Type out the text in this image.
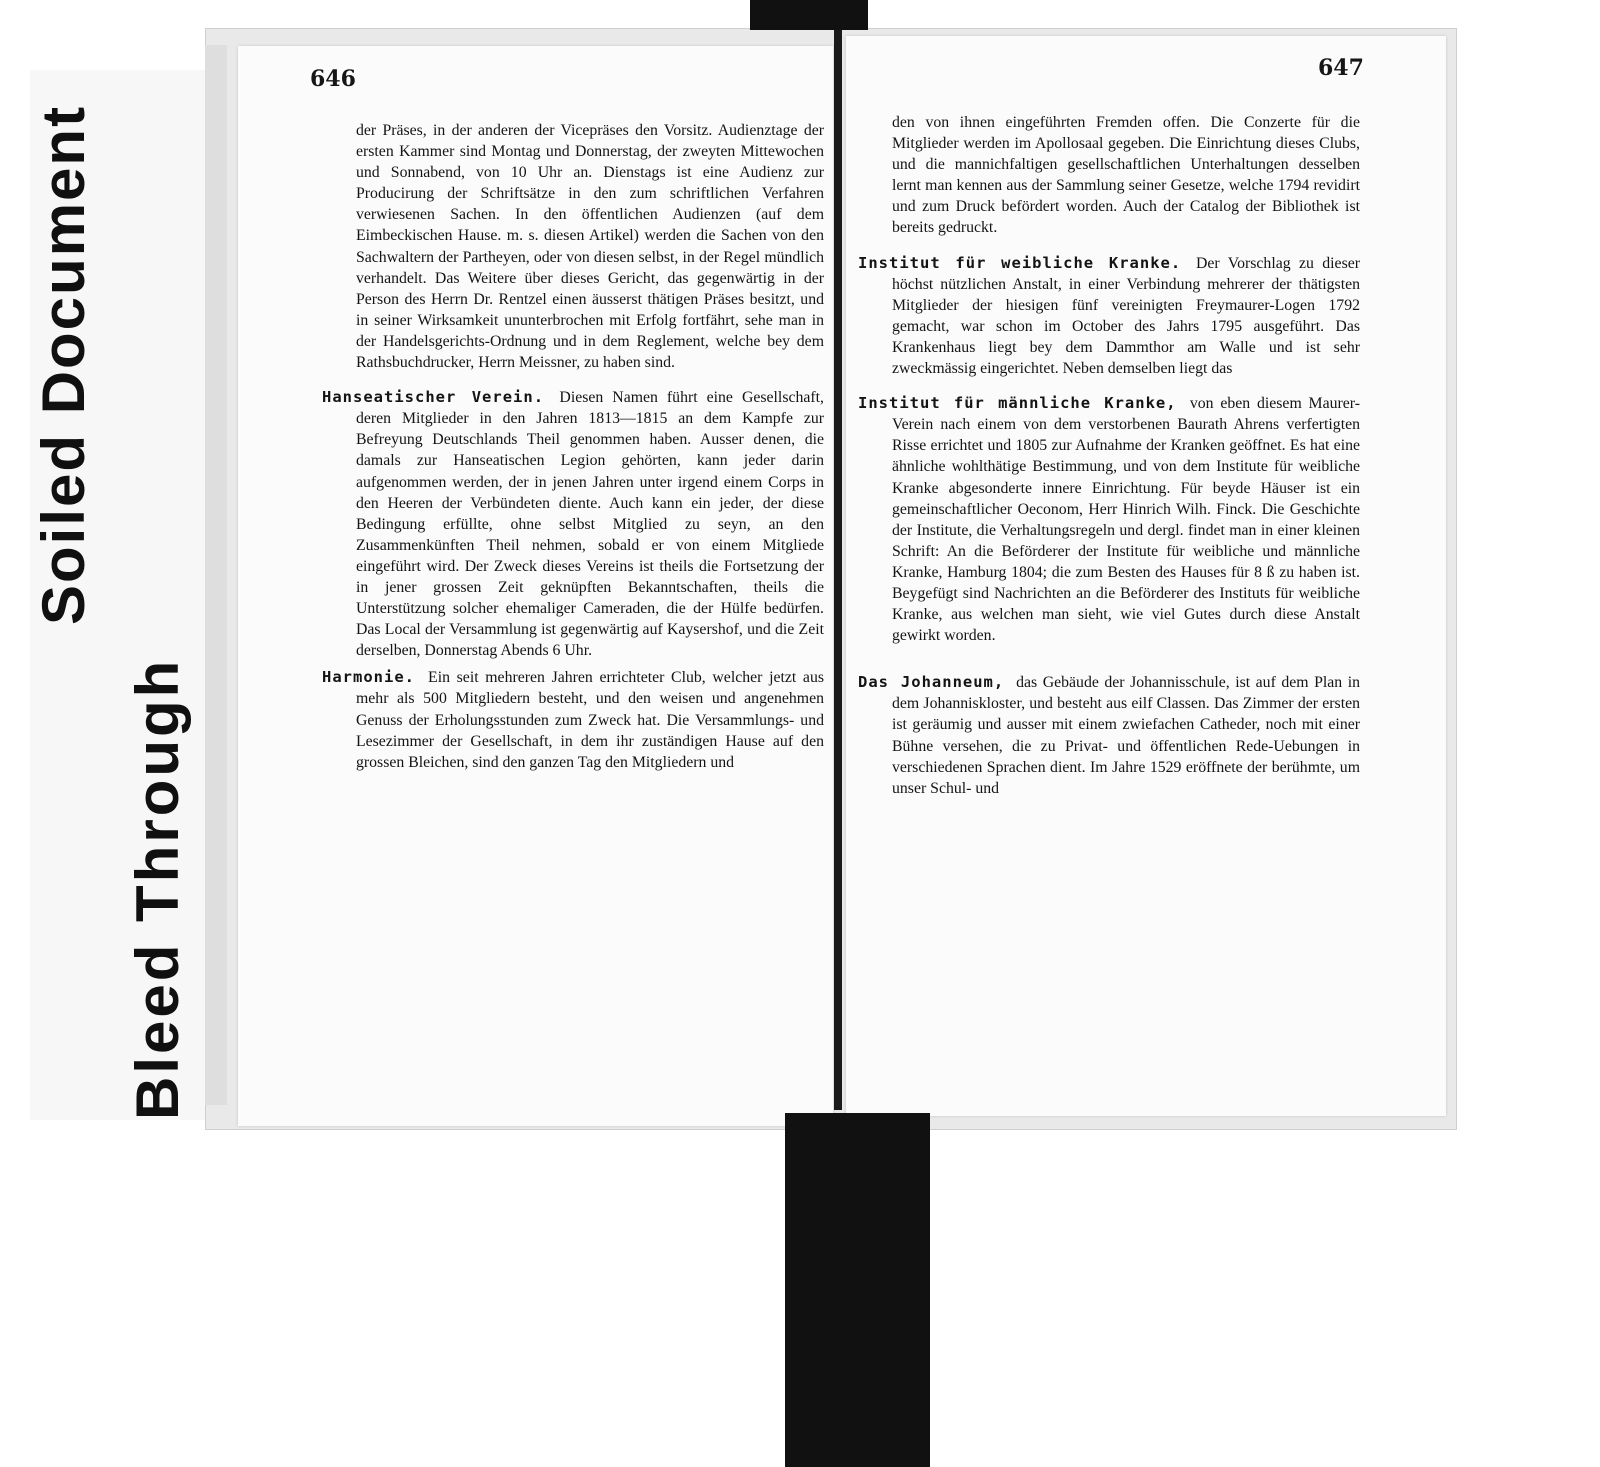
Bleed Through
Soiled Document
646	647

der Präses, in der anderen der Vicepräses den Vorsitz. Audienztage der ersten Kammer sind Montag und Donnerstag, der zweyten Mittewochen und Sonnabend, von 10 Uhr an. Dienstags ist eine Audienz zur Producirung der Schriftsätze in den zum schriftlichen Verfahren verwiesenen Sachen. In den öffentlichen Audienzen (auf dem Eimbeckischen Hause. m. s. diesen Artikel) werden die Sachen von den Sachwaltern der Partheyen, oder von diesen selbst, in der Regel mündlich verhandelt. Das Weitere über dieses Gericht, das gegenwärtig in der Person des Herrn Dr. Rentzel einen äusserst thätigen Präses besitzt, und in seiner Wirksamkeit ununterbrochen mit Erfolg fortfährt, sehe man in der Handelsgerichts-Ordnung und in dem Reglement, welche bey dem Rathsbuchdrucker, Herrn Meissner, zu haben sind.

Hanseatischer Verein. Diesen Namen führt eine Gesellschaft, deren Mitglieder in den Jahren 1813—1815 an dem Kampfe zur Befreyung Deutschlands Theil genommen haben. Ausser denen, die damals zur Hanseatischen Legion gehörten, kann jeder darin aufgenommen werden, der in jenen Jahren unter irgend einem Corps in den Heeren der Verbündeten diente. Auch kann ein jeder, der diese Bedingung erfüllte, ohne selbst Mitglied zu seyn, an den Zusammenkünften Theil nehmen, sobald er von einem Mitgliede eingeführt wird. Der Zweck dieses Vereins ist theils die Fortsetzung der in jener grossen Zeit geknüpften Bekanntschaften, theils die Unterstützung solcher ehemaliger Cameraden, die der Hülfe bedürfen. Das Local der Versammlung ist gegenwärtig auf Kaysershof, und die Zeit derselben, Donnerstag Abends 6 Uhr.

Harmonie. Ein seit mehreren Jahren errichteter Club, welcher jetzt aus mehr als 500 Mitgliedern besteht, und den weisen und angenehmen Genuss der Erholungsstunden zum Zweck hat. Die Versammlungs- und Lesezimmer der Gesellschaft, in dem ihr zuständigen Hause auf den grossen Bleichen, sind den ganzen Tag den Mitgliedern und

den von ihnen eingeführten Fremden offen. Die Conzerte für die Mitglieder werden im Apollosaal gegeben. Die Einrichtung dieses Clubs, und die mannichfaltigen gesellschaftlichen Unterhaltungen desselben lernt man kennen aus der Sammlung seiner Gesetze, welche 1794 revidirt und zum Druck befördert worden. Auch der Catalog der Bibliothek ist bereits gedruckt.

Institut für weibliche Kranke. Der Vorschlag zu dieser höchst nützlichen Anstalt, in einer Verbindung mehrerer der thätigsten Mitglieder der hiesigen fünf vereinigten Freymaurer-Logen 1792 gemacht, war schon im October des Jahrs 1795 ausgeführt. Das Krankenhaus liegt bey dem Dammthor am Walle und ist sehr zweckmässig eingerichtet. Neben demselben liegt das

Institut für männliche Kranke, von eben diesem Maurer-Verein nach einem von dem verstorbenen Baurath Ahrens verfertigten Risse errichtet und 1805 zur Aufnahme der Kranken geöffnet. Es hat eine ähnliche wohlthätige Bestimmung, und von dem Institute für weibliche Kranke abgesonderte innere Einrichtung. Für beyde Häuser ist ein gemeinschaftlicher Oeconom, Herr Hinrich Wilh. Finck. Die Geschichte der Institute, die Verhaltungsregeln und dergl. findet man in einer kleinen Schrift: An die Beförderer der Institute für weibliche und männliche Kranke, Hamburg 1804; die zum Besten des Hauses für 8 ß zu haben ist. Beygefügt sind Nachrichten an die Beförderer des Instituts für weibliche Kranke, aus welchen man sieht, wie viel Gutes durch diese Anstalt gewirkt worden.

Das Johanneum, das Gebäude der Johannisschule, ist auf dem Plan in dem Johanniskloster, und besteht aus eilf Classen. Das Zimmer der ersten ist geräumig und ausser mit einem zwiefachen Catheder, noch mit einer Bühne versehen, die zu Privat- und öffentlichen Rede-Uebungen in verschiedenen Sprachen dient. Im Jahre 1529 eröffnete der berühmte, um unser Schul- und
